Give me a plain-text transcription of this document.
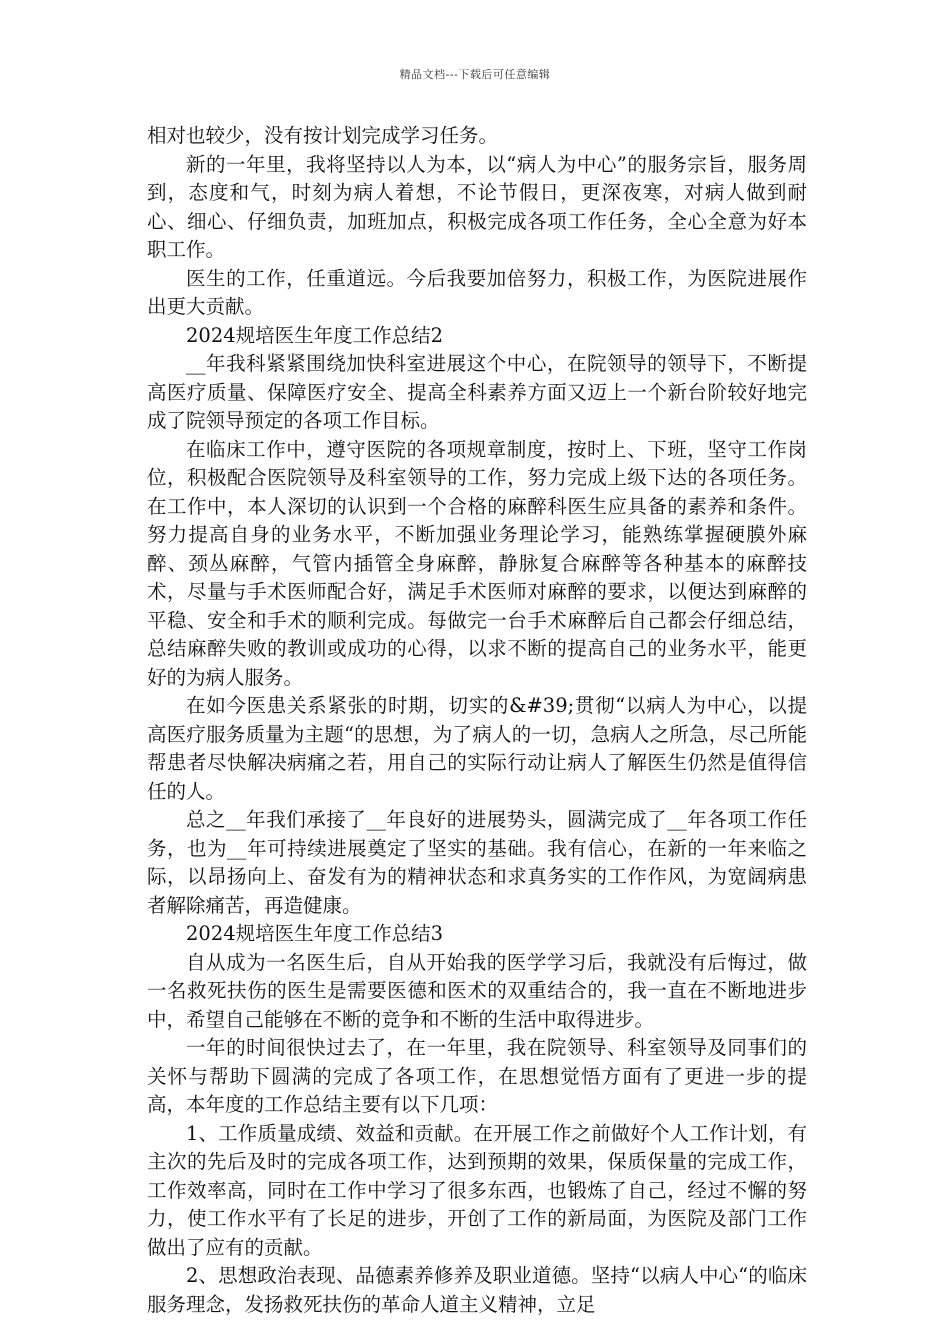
精品文档---下载后可任意编辑

相对也较少，没有按计划完成学习任务。

新的一年里，我将坚持以人为本，以“病人为中心”的服务宗旨，服务周到，态度和气，时刻为病人着想，不论节假日，更深夜寒，对病人做到耐心、细心、仔细负责，加班加点，积极完成各项工作任务，全心全意为好本职工作。

医生的工作，任重道远。今后我要加倍努力，积极工作，为医院进展作出更大贡献。

2024规培医生年度工作总结2

__年我科紧紧围绕加快科室进展这个中心，在院领导的领导下，不断提高医疗质量、保障医疗安全、提高全科素养方面又迈上一个新台阶较好地完成了院领导预定的各项工作目标。

在临床工作中，遵守医院的各项规章制度，按时上、下班，坚守工作岗位，积极配合医院领导及科室领导的工作，努力完成上级下达的各项任务。在工作中，本人深切的认识到一个合格的麻醉科医生应具备的素养和条件。努力提高自身的业务水平，不断加强业务理论学习，能熟练掌握硬膜外麻醉、颈丛麻醉，气管内插管全身麻醉，静脉复合麻醉等各种基本的麻醉技术，尽量与手术医师配合好，满足手术医师对麻醉的要求，以便达到麻醉的平稳、安全和手术的顺利完成。每做完一台手术麻醉后自己都会仔细总结，总结麻醉失败的教训或成功的心得，以求不断的提高自己的业务水平，能更好的为病人服务。

在如今医患关系紧张的时期，切实的&#39;贯彻“以病人为中心，以提高医疗服务质量为主题“的思想，为了病人的一切，急病人之所急，尽己所能帮患者尽快解决病痛之若，用自己的实际行动让病人了解医生仍然是值得信任的人。

总之__年我们承接了__年良好的进展势头，圆满完成了__年各项工作任务，也为__年可持续进展奠定了坚实的基础。我有信心，在新的一年来临之际，以昂扬向上、奋发有为的精神状态和求真务实的工作作风，为宽阔病患者解除痛苦，再造健康。

2024规培医生年度工作总结3

自从成为一名医生后，自从开始我的医学学习后，我就没有后悔过，做一名救死扶伤的医生是需要医德和医术的双重结合的，我一直在不断地进步中，希望自己能够在不断的竞争和不断的生活中取得进步。

一年的时间很快过去了，在一年里，我在院领导、科室领导及同事们的关怀与帮助下圆满的完成了各项工作，在思想觉悟方面有了更进一步的提高，本年度的工作总结主要有以下几项：

1、工作质量成绩、效益和贡献。在开展工作之前做好个人工作计划，有主次的先后及时的完成各项工作，达到预期的效果，保质保量的完成工作，工作效率高，同时在工作中学习了很多东西，也锻炼了自己，经过不懈的努力，使工作水平有了长足的进步，开创了工作的新局面，为医院及部门工作做出了应有的贡献。

2、思想政治表现、品德素养修养及职业道德。坚持“以病人中心“的临床服务理念，发扬救死扶伤的革命人道主义精神，立足
